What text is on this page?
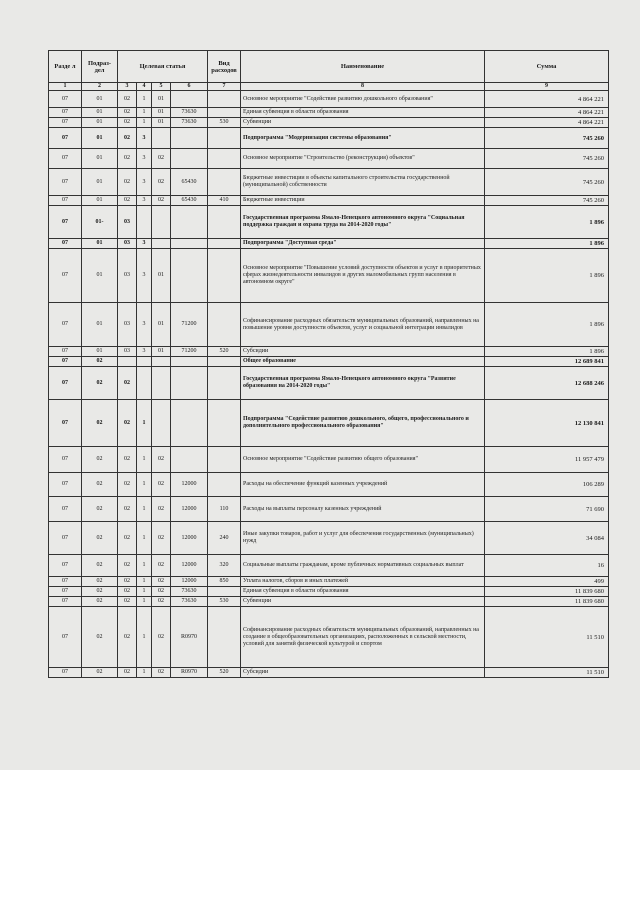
Разде л	Подраз- дел	Целевая статья				Вид расходов	Наименование	Сумма
1	2	3	4	5	6	7	8	9
07	01	02	1	01			Основное мероприятие "Содействие развитию дошкольного образования"	4 864 221
07	01	02	1	01	73630		Единая субвенция в области образования	4 864 221
07	01	02	1	01	73630	530	Субвенции	4 864 221
07	01	02	3				Подпрограмма "Модернизация системы образования"	745 260
07	01	02	3	02			Основное мероприятие "Строительство (реконструкция) объектов"	745 260
07	01	02	3	02	65430		Бюджетные инвестиции в объекты капитального строительства государственной (муниципальной) собственности	745 260
07	01	02	3	02	65430	410	Бюджетные инвестиции	745 260
07	01-	03					Государственная программа Ямало-Ненецкого автономного округа "Социальная поддержка граждан и охрана труда на 2014-2020 годы"	1 896
07	01	03	3				Подпрограмма "Доступная среда"	1 896
07	01	03	3	01			Основное мероприятие "Повышение условий доступности объектов и услуг в приоритетных сферах жизнедеятельности инвалидов и других маломобильных групп населения в автономном округе"	1 896
07	01	03	3	01	71200		Софинансирование расходных обязательств муниципальных образований, направленных на повышение уровня доступности объектов, услуг и социальной интеграции инвалидов	1 896
07	01	03	3	01	71200	520	Субсидии	1 896
07	02						Общее образование	12 689 841
07	02	02					Государственная программа Ямало-Ненецкого автономного округа "Развитие образования на 2014-2020 годы"	12 688 246
07	02	02	1				Подпрограмма "Содействие развитию дошкольного, общего, профессионального и дополнительного профессионального образования"	12 130 841
07	02	02	1	02			Основное мероприятие "Содействие развитию общего образования"	11 957 479
07	02	02	1	02	12000		Расходы на обеспечение функций казенных учреждений	106 289
07	02	02	1	02	12000	110	Расходы на выплаты персоналу казенных учреждений	71 690
07	02	02	1	02	12000	240	Иные закупки товаров, работ и услуг для обеспечения государственных (муниципальных) нужд	34 084
07	02	02	1	02	12000	320	Социальные выплаты гражданам, кроме публичных нормативных социальных выплат	16
07	02	02	1	02	12000	850	Уплата налогов, сборов и иных платежей	499
07	02	02	1	02	73630		Единая субвенция в области образования	11 839 680
07	02	02	1	02	73630	530	Субвенции	11 839 680
07	02	02	1	02	R0970		Софинансирование расходных обязательств муниципальных образований, направленных на создание в общеобразовательных организациях, расположенных в сельской местности, условий для занятий физической культурой и спортом	11 510
07	02	02	1	02	R0970	520	Субсидии	11 510
